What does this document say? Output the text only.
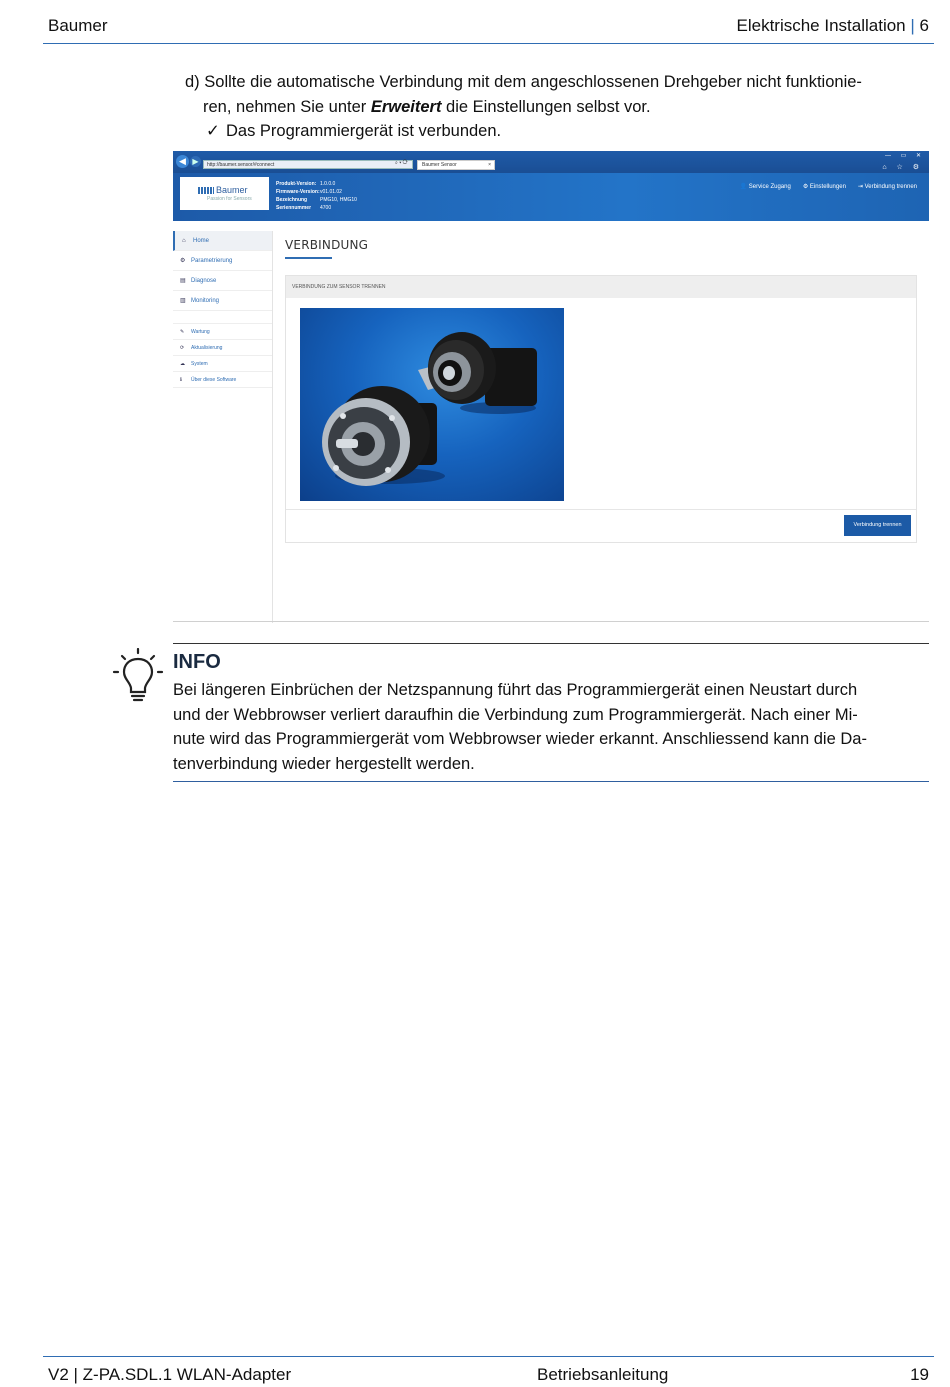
Baumer	Elektrische Installation | 6
d) Sollte die automatische Verbindung mit dem angeschlossenen Drehgeber nicht funktionie-
ren, nehmen Sie unter Erweitert die Einstellungen selbst vor.
✓ Das Programmiergerät ist verbunden.
◀ ▶	http://baumer.sensor/#connect	⌕ ▾ ⟳	Baumer Sensor	×
— ▭ ✕
⌂ ☆ ⚙
Baumer
Passion for Sensors
Produkt-Version: 1.0.0.0
Firmware-Version: v01.01.02
Bezeichnung	PMG10, HMG10
Seriennummer	4700
👤 Service Zugang ⚙ Einstellungen ⇥ Verbindung trennen
⌂ Home
⚙ Parametrierung
▤ Diagnose
▥ Monitoring
✎ Wartung
⟳ Aktualisierung
☁ System
ℹ Über diese Software
VERBINDUNG
VERBINDUNG ZUM SENSOR TRENNEN
Verbindung trennen
INFO
Bei längeren Einbrüchen der Netzspannung führt das Programmiergerät einen Neustart durch
und der Webbrowser verliert daraufhin die Verbindung zum Programmiergerät. Nach einer Mi-
nute wird das Programmiergerät vom Webbrowser wieder erkannt. Anschliessend kann die Da-
tenverbindung wieder hergestellt werden.
V2 | Z-PA.SDL.1 WLAN-Adapter	Betriebsanleitung	19
